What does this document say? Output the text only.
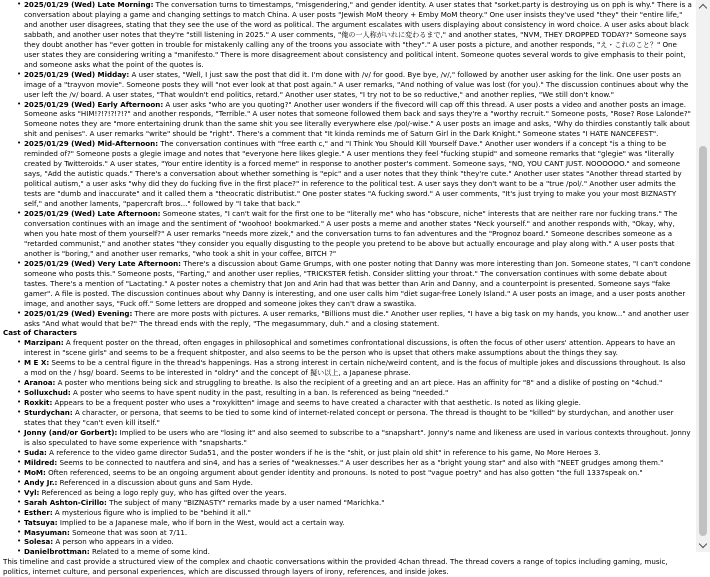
• 2025/01/29 (Wed) Late Morning: The conversation turns to timestamps, "misgendering," and gender identity. A user states that "sorket.party is destroying us on pph is why." There is a conversation about playing a game and changing settings to match China. A user posts "Jewish MoM theory + Emby MoM theory." One user insists they've used "they" their "entire life," and another user disagrees, stating that they see the use of the word as political. The argument escalates with users displaying about consistency in word choice. A user asks about black sabbath, and another user notes that they're "still listening in 2025." A user comments, "俺の一人称がいれに変わるまで," and another states, "NVM, THEY DROPPED TODAY?" Someone says they doubt another has "ever gotten in trouble for mistakenly calling any of the troons you associate with "they"." A user posts a picture, and another responds, "え・これのこと？" One user states they are considering writing a "manifesto." There is more disagreement about consistency and political intent. Someone quotes several words to give emphasis to their point, and someone asks what the point of the quotes is.
• 2025/01/29 (Wed) Midday: A user states, "Well, I just saw the post that did it. I'm done with /v/ for good. Bye bye, /v/," followed by another user asking for the link. One user posts an image of a "trayvon movie". Someone posts they will "not ever look at that post again." A user remarks, "And nothing of value was lost (for you)." The discussion continues about why the user left the /v/ board. A user states, "That wouldn't end politics, retard." Another user states, "I try not to be so reductive," and another replies, "We still don't know."
• 2025/01/29 (Wed) Early Afternoon: A user asks "who are you quoting?" Another user wonders if the fivecord will cap off this thread. A user posts a video and another posts an image. Someone asks "HIM!?!?!?!?!?" and another responds, "Terrible." A user notes that someone followed them back and says they're a "worthy recruit." Someone posts, "Rose? Rose Lalonde?" Someone notes they are "more entertaining drunk than the same shit you see literally everywhere else /pol/-wise." A user posts an image and asks, "Why do thirdies constantly talk about shit and penises". A user remarks "write" should be "right". There's a comment that "It kinda reminds me of Saturn Girl in the Dark Knight." Someone states "I HATE NANCEFEST".
• 2025/01/29 (Wed) Mid-Afternoon: The conversation continues with "free earth c," and "I Think You Should Kill Yourself Dave." Another user wonders if a concept "is a thing to be reminded of?" Someone posts a glegie image and notes that "everyone here likes glegie." A user mentions they feel "fucking stupid" and someone remarks that "glegie" was "literally created by Twitteroids." A user states, "Your entire identity is a forced meme" in response to another poster's comment. Someone says, "NO, YOU CANT JUST. NOOOOOO." and someone says, "Add the autistic quads." There's a conversation about whether something is "epic" and a user notes that they think "they're cute." Another user states "Another thread started by political autism," a user asks "why did they do fucking five in the first place?" in reference to the political test. A user says they don't want to be a "true /pol/." Another user admits the tests are "dumb and inaccurate" and it called them a "theocratic distributist." One poster states "A fucking sword." A user comments, "It's just trying to make you your most BIZNASTY self," and another laments, "papercraft bros..." followed by "I take that back."
• 2025/01/29 (Wed) Late Afternoon: Someone states, "I can't wait for the first one to be "literally me" who has "obscure, niche" interests that are neither rare nor fucking trans." The conversation continues with an image and the sentiment of "woohoo! bookmarked." A user posts a meme and another states "Neck yourself." and another responds with, "Okay, why, when you hate most of them yourself?" A user remarks "needs more zizek," and the conversation turns to fan adventures and the "Prognoz board." Someone describes someone as a "retarded communist," and another states "they consider you equally disgusting to the people you pretend to be above but actually encourage and play along with." A user posts that another is "boring," and another user remarks, "who took a shit in your coffee, BITCH ?"
• 2025/01/29 (Wed) Very Late Afternoon: There's a discussion about Game Grumps, with one poster noting that Danny was more interesting than Jon. Someone states, "I can't condone someone who posts this." Someone posts, "Farting," and another user replies, "TRICKSTER fetish. Consider slitting your throat." The conversation continues with some debate about tastes. There's a mention of "Lactating." A poster notes a chemistry that Jon and Arin had that was better than Arin and Danny, and a counterpoint is presented. Someone says "fake gamer". A file is posted. The discussion continues about why Danny is interesting, and one user calls him "diet sugar-free Lonely Island." A user posts an image, and a user posts another image, and another says, "Fuck off." Some letters are dropped and someone jokes they can't draw a swastika.
• 2025/01/29 (Wed) Evening: There are more posts with pictures. A user remarks, "Billions must die." Another user replies, "I have a big task on my hands, you know..." and another user asks "And what would that be?" The thread ends with the reply, "The megasummary, duh." and a closing statement.
Cast of Characters
• Marzipan: A frequent poster on the thread, often engages in philosophical and sometimes confrontational discussions, is often the focus of other users' attention. Appears to have an interest in "scene girls" and seems to be a frequent shitposter, and also seems to be the person who is upset that others make assumptions about the things they say.
• M E X: Seems to be a central figure in the thread's happenings. Has a strong interest in certain niche/weird content, and is the focus of multiple jokes and discussions throughout. Is also a mod on the / hsg/ board. Seems to be interested in "oldry" and the concept of 擬い以上, a Japanese phrase.
• Aranoa: A poster who mentions being sick and struggling to breathe. Is also the recipient of a greeting and an art piece. Has an affinity for "8" and a dislike of posting on "4chud."
• Solluxchud: A poster who seems to have spent nudity in the past, resulting in a ban. Is referenced as being "needed."
• Roxkit: Appears to be a frequent poster who uses a "roxykitten" image and seems to have created a character with that aesthetic. Is noted as liking glegie.
• Sturdychan: A character, or persona, that seems to be tied to some kind of internet-related concept or persona. The thread is thought to be "killed" by sturdychan, and another user states that they "can't even kill itself."
• Jonny (and/or Gorbert): Implied to be users who are "losing it" and also seemed to subscribe to a "snapshart". Jonny's name and likeness are used in various contexts throughout. Jonny is also speculated to have some experience with "snapsharts."
• Suda: A reference to the video game director Suda51, and the poster wonders if he is the "shit, or just plain old shit" in reference to his game, No More Heroes 3.
• Mildred: Seems to be connected to nautfera and sin4, and has a series of "weaknesses." A user describes her as a "bright young star" and also with "NEET grudges among them."
• MoM: Often referenced, seems to be an ongoing argument about gender identity and pronouns. Is noted to post "vague poetry" and has also gotten "the full 1337speak on."
• Andy Jr.: Referenced in a discussion about guns and Sam Hyde.
• Vyl: Referenced as being a logo reply guy, who has gifted over the years.
• Sarah Ashton-Cirillo: The subject of many "BIZNASTY" remarks made by a user named "Marichka."
• Esther: A mysterious figure who is implied to be "behind it all."
• Tatsuya: Implied to be a Japanese male, who if born in the West, would act a certain way.
• Masyuman: Someone that was soon at 7/11.
• Solesa: A person who appears in a video.
• Danielbrottman: Related to a meme of some kind.
This timeline and cast provide a structured view of the complex and chaotic conversations within the provided 4chan thread. The thread covers a range of topics including gaming, music, politics, internet culture, and personal experiences, which are discussed through layers of irony, references, and inside jokes.
